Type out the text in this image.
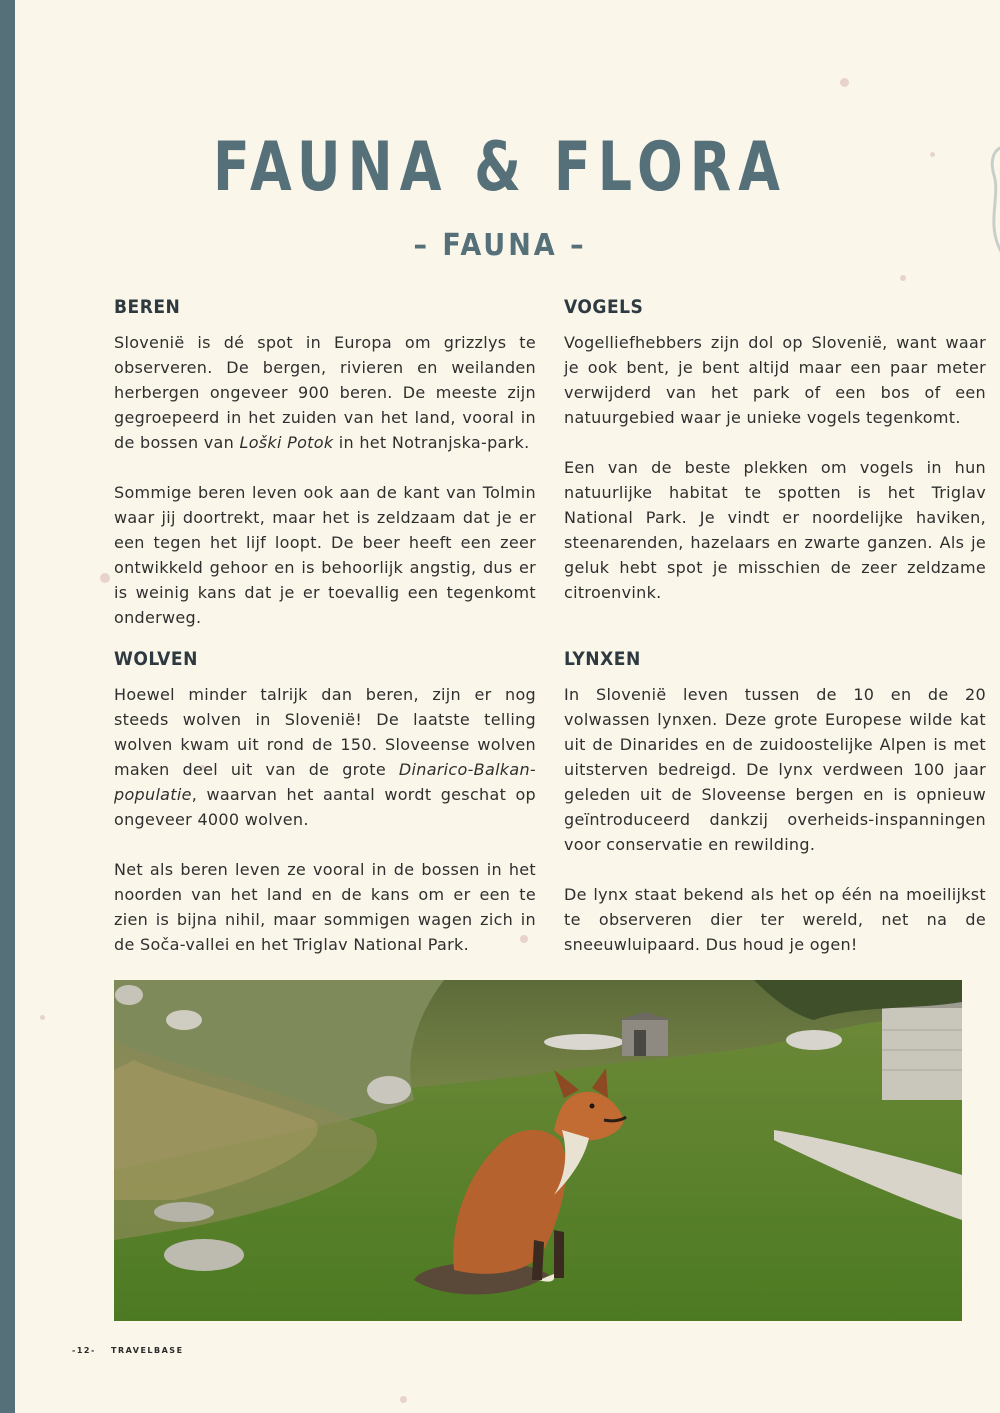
FAUNA & FLORA
– FAUNA –
BEREN

Slovenië is dé spot in Europa om grizzlys te observeren. De bergen, rivieren en weilanden herbergen ongeveer 900 beren. De meeste zijn gegroepeerd in het zuiden van het land, vooral in de bossen van Loški Potok in het Notranjska-park.

Sommige beren leven ook aan de kant van Tolmin waar jij doortrekt, maar het is zeldzaam dat je er een tegen het lijf loopt. De beer heeft een zeer ontwikkeld gehoor en is behoorlijk angstig, dus er is weinig kans dat je er toevallig een tegenkomt onderweg.

WOLVEN

Hoewel minder talrijk dan beren, zijn er nog steeds wolven in Slovenië! De laatste telling wolven kwam uit rond de 150. Sloveense wolven maken deel uit van de grote Dinarico-Balkan-populatie, waarvan het aantal wordt geschat op ongeveer 4000 wolven.

Net als beren leven ze vooral in de bossen in het noorden van het land en de kans om er een te zien is bijna nihil, maar sommigen wagen zich in de Soča-vallei en het Triglav National Park.

VOGELS

Vogelliefhebbers zijn dol op Slovenië, want waar je ook bent, je bent altijd maar een paar meter verwijderd van het park of een bos of een natuurgebied waar je unieke vogels tegenkomt.

Een van de beste plekken om vogels in hun natuurlijke habitat te spotten is het Triglav National Park. Je vindt er noordelijke haviken, steenarenden, hazelaars en zwarte ganzen. Als je geluk hebt spot je misschien de zeer zeldzame citroenvink.

LYNXEN

In Slovenië leven tussen de 10 en de 20 volwassen lynxen. Deze grote Europese wilde kat uit de Dinarides en de zuidoostelijke Alpen is met uitsterven bedreigd. De lynx verdween 100 jaar geleden uit de Sloveense bergen en is opnieuw geïntroduceerd dankzij overheids-inspanningen voor conservatie en rewilding.

De lynx staat bekend als het op één na moeilijkst te observeren dier ter wereld, net na de sneeuwluipaard. Dus houd je ogen!

-12- TRAVELBASE
